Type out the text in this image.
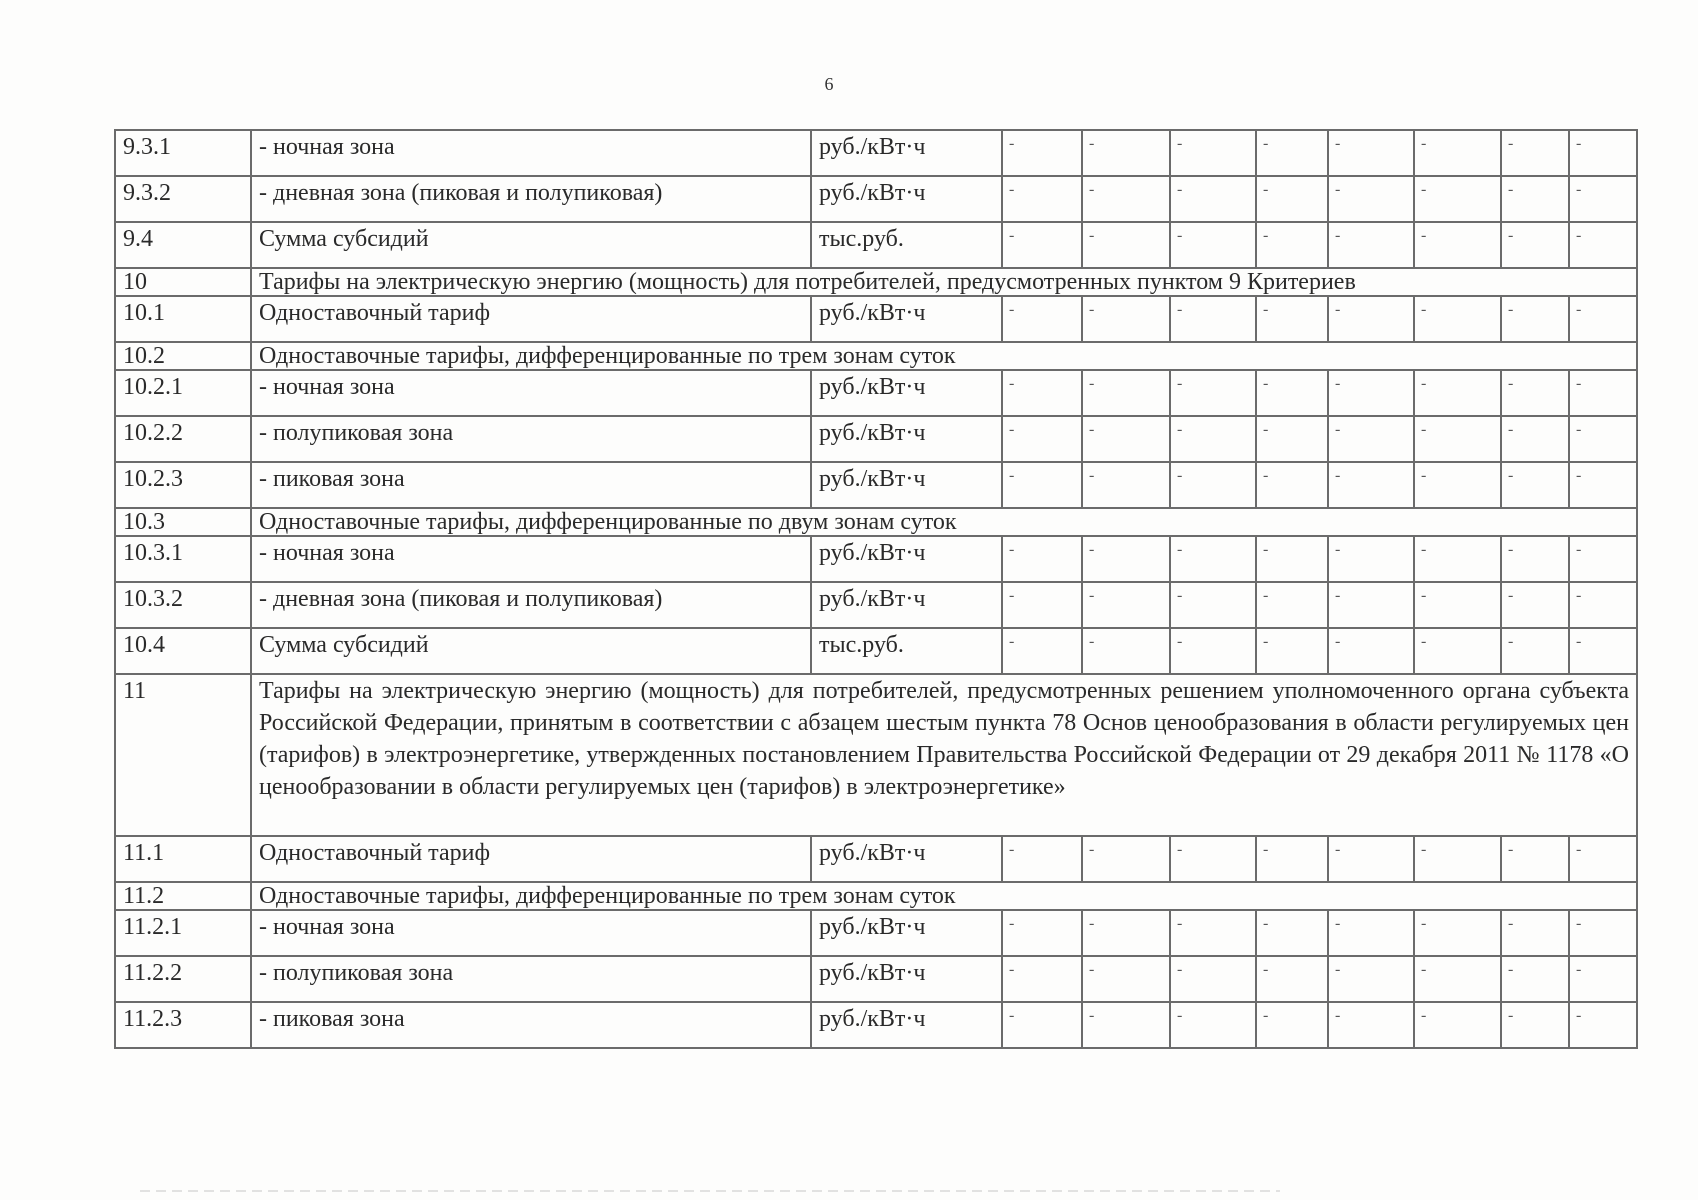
6
9.3.1	- ночная зона	руб./кВт·ч	-	-	-	-	-	-	-	-
9.3.2	- дневная зона (пиковая и полупиковая)	руб./кВт·ч	-	-	-	-	-	-	-	-
9.4	Сумма субсидий	тыс.руб.	-	-	-	-	-	-	-	-
10	Тарифы на электрическую энергию (мощность) для потребителей, предусмотренных пунктом 9 Критериев									
10.1	Одноставочный тариф	руб./кВт·ч	-	-	-	-	-	-	-	-
10.2	Одноставочные тарифы, дифференцированные по трем зонам суток									
10.2.1	- ночная зона	руб./кВт·ч	-	-	-	-	-	-	-	-
10.2.2	- полупиковая зона	руб./кВт·ч	-	-	-	-	-	-	-	-
10.2.3	- пиковая зона	руб./кВт·ч	-	-	-	-	-	-	-	-
10.3	Одноставочные тарифы, дифференцированные по двум зонам суток									
10.3.1	- ночная зона	руб./кВт·ч	-	-	-	-	-	-	-	-
10.3.2	- дневная зона (пиковая и полупиковая)	руб./кВт·ч	-	-	-	-	-	-	-	-
10.4	Сумма субсидий	тыс.руб.	-	-	-	-	-	-	-	-
11	Тарифы на электрическую энергию (мощность) для потребителей, предусмотренных решением уполномоченного органа субъекта Российской Федерации, принятым в соответствии с абзацем шестым пункта 78 Основ ценообразования в области регулируемых цен (тарифов) в электроэнергетике, утвержденных постановлением Правительства Российской Федерации от 29 декабря 2011 № 1178 «О ценообразовании в области регулируемых цен (тарифов) в электроэнергетике»									
11.1	Одноставочный тариф	руб./кВт·ч	-	-	-	-	-	-	-	-
11.2	Одноставочные тарифы, дифференцированные по трем зонам суток									
11.2.1	- ночная зона	руб./кВт·ч	-	-	-	-	-	-	-	-
11.2.2	- полупиковая зона	руб./кВт·ч	-	-	-	-	-	-	-	-
11.2.3	- пиковая зона	руб./кВт·ч	-	-	-	-	-	-	-	-
